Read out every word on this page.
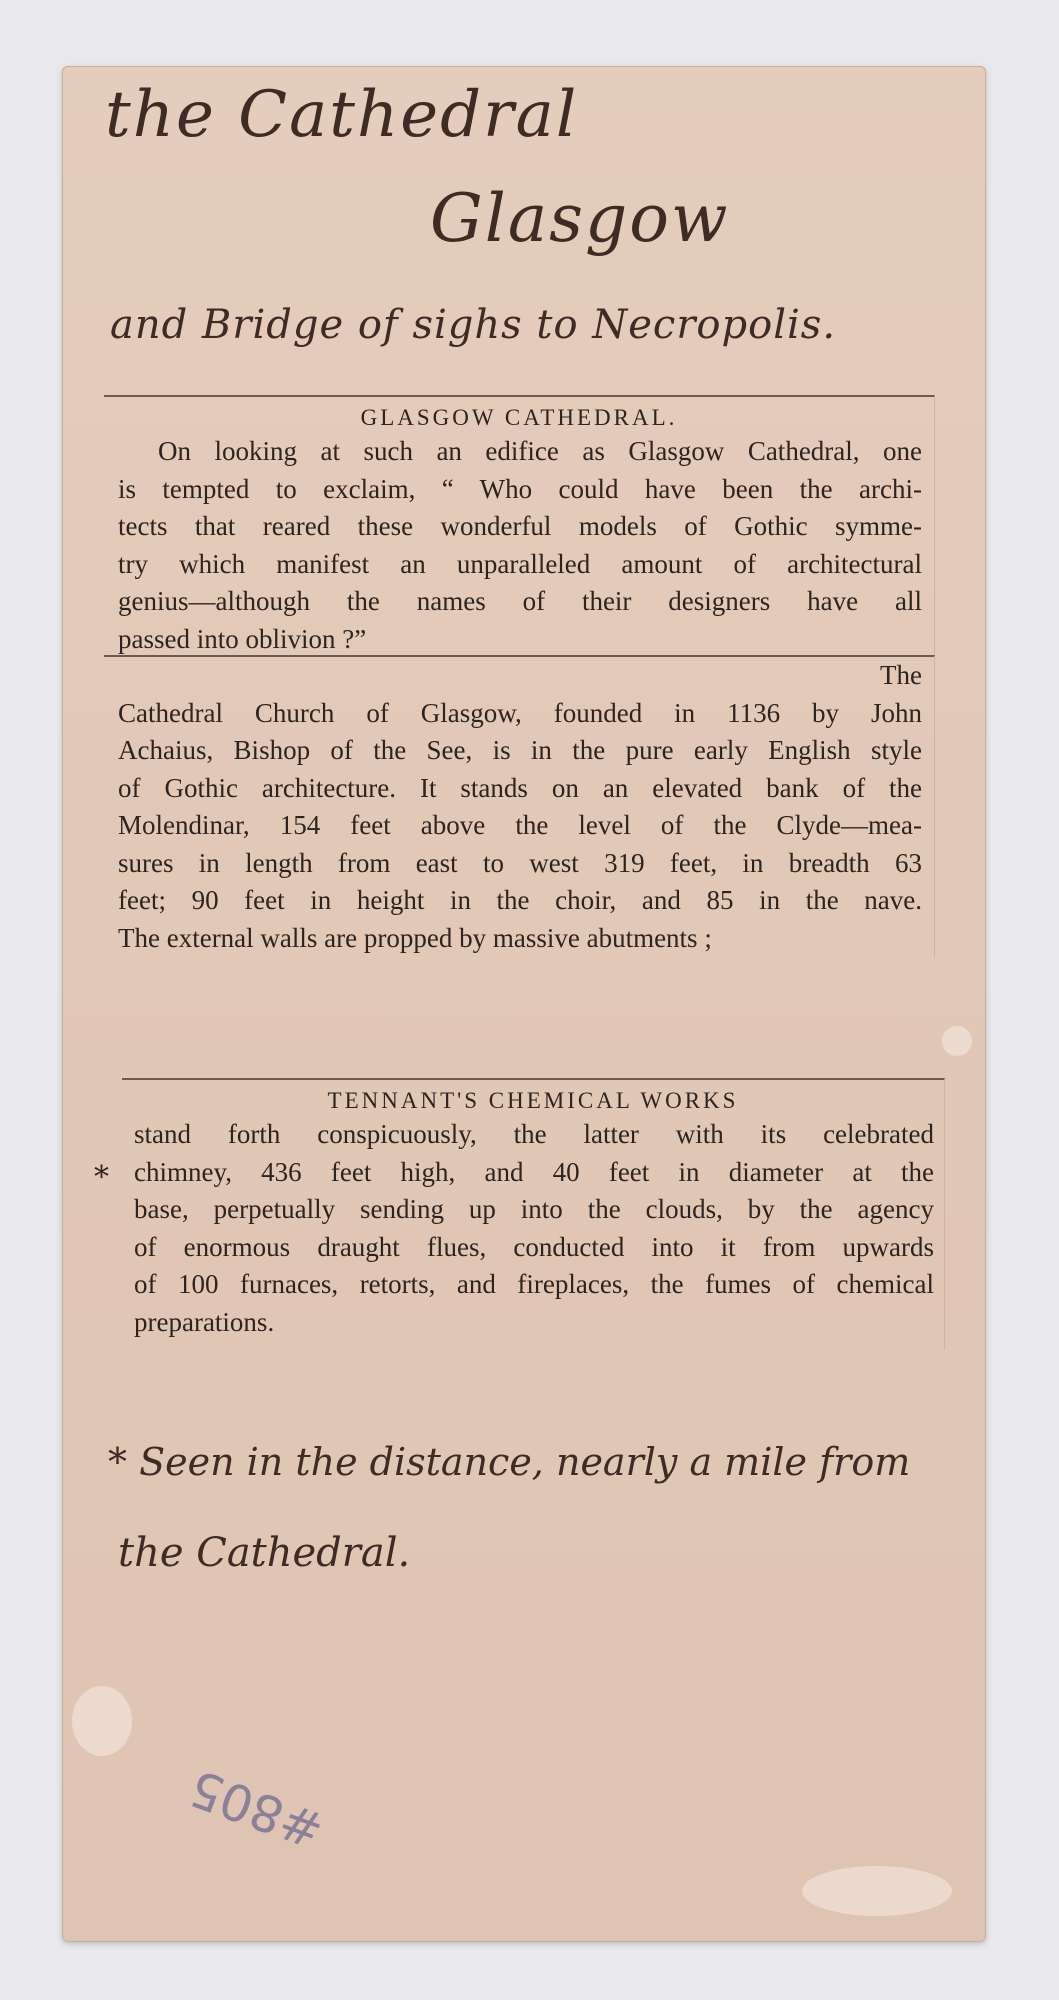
the Cathedral
Glasgow
and Bridge of sighs to Necropolis.
GLASGOW CATHEDRAL.
On looking at such an edifice as Glasgow Cathedral, one
is tempted to exclaim, “ Who could have been the archi-
tects that reared these wonderful models of Gothic symme-
try which manifest an unparalleled amount of architectural
genius—although the names of their designers have all
passed into oblivion ?”
The
Cathedral Church of Glasgow, founded in 1136 by John
Achaius, Bishop of the See, is in the pure early English style
of Gothic architecture. It stands on an elevated bank of the
Molendinar, 154 feet above the level of the Clyde—mea-
sures in length from east to west 319 feet, in breadth 63
feet; 90 feet in height in the choir, and 85 in the nave.
The external walls are propped by massive abutments ;
TENNANT'S CHEMICAL WORKS
stand forth conspicuously, the latter with its celebrated
chimney, 436 feet high, and 40 feet in diameter at the
base, perpetually sending up into the clouds, by the agency
of enormous draught flues, conducted into it from upwards
of 100 furnaces, retorts, and fireplaces, the fumes of chemical
preparations.
*
* Seen in the distance, nearly a mile from
the Cathedral.
#805
